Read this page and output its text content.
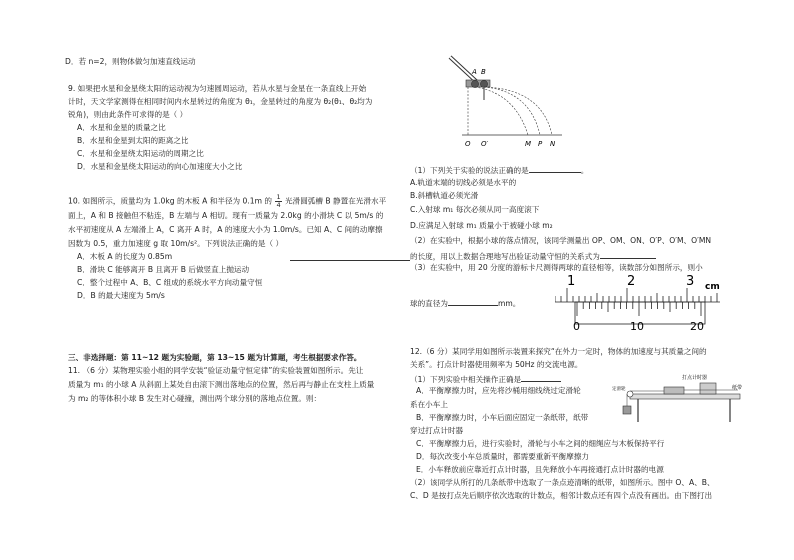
D．若 n=2，则物体做匀加速直线运动
9. 如果把水星和金星绕太阳的运动视为匀速圆周运动，若从水星与金星在一条直线上开始
计时，天文学家测得在相同时间内水星转过的角度为 θ₁，金星转过的角度为 θ₂(θ₁、θ₂均为
锐角)，则由此条件可求得的是（ ）
A．水星和金星的质量之比
B．水星和金星到太阳的距离之比
C．水星和金星绕太阳运动的周期之比
D．水星和金星绕太阳运动的向心加速度大小之比
10. 如图所示，质量均为 1.0kg 的木板 A 和半径为 0.1m 的 $\frac{1}{4}$ 光滑圆弧槽 B 静置在光滑水平
面上，A 和 B 接触但不粘连，B 左端与 A 相切。现有一质量为 2.0kg 的小滑块 C 以 5m/s 的
水平初速度从 A 左端滑上 A，C 离开 A 时，A 的速度大小为 1.0m/s。已知 A、C 间的动摩擦
因数为 0.5，重力加速度 g 取 10m/s²。下列说法正确的是（ ）
A．木板 A 的长度为 0.85m
B．滑块 C 能够离开 B 且离开 B 后做竖直上抛运动
C．整个过程中 A、B、C 组成的系统水平方向动量守恒
D．B 的最大速度为 5m/s
三、非选择题：第 11~12 题为实验题，第 13~15 题为计算题，考生根据要求作答。
11. （6 分）某物理实验小组的同学安装“验证动量守恒定律”的实验装置如图所示。先让
质量为 m₁ 的小球 A 从斜面上某处自由滚下测出落地点的位置，然后再与静止在支柱上质量
为 m₂ 的等体积小球 B 发生对心碰撞，测出两个球分别的落地点位置。则：
A B
O O′	M P N
（1）下列关于实验的说法正确的是	。
A.轨道末端的切线必须是水平的
B.斜槽轨道必须光滑
C.入射球 m₁ 每次必须从同一高度滚下
D.应满足入射球 m₁ 质量小于被碰小球 m₂
（2）在实验中，根据小球的落点情况，该同学测量出 OP、OM、ON、O′P、O′M、O′MN
的长度，用以上数据合理地写出验证动量守恒的关系式为
（3）在实验中，用 20 分度的游标卡尺测得两球的直径相等，读数部分如图所示，则小
球的直径为	mm。
1	2	3 cm
0	10	20
12.（6 分）某同学用如图所示装置来探究“在外力一定时，物体的加速度与其质量之间的
关系”。打点计时器使用频率为 50Hz 的交流电源。
（1）下列实验中相关操作正确是
A．平衡摩擦力时，应先将沙桶用细线绕过定滑轮
系在小车上
B．平衡摩擦力时，小车后面应固定一条纸带，纸带
穿过打点计时器
C．平衡摩擦力后，进行实验时，滑轮与小车之间的细绳应与木板保持平行
D．每次改变小车总质量时，都需要重新平衡摩擦力
E．小车释放前应靠近打点计时器，且先释放小车再接通打点计时器的电源
（2）该同学从所打的几条纸带中选取了一条点迹清晰的纸带，如图所示。图中 O、A、B、
C、D 是按打点先后顺序依次选取的计数点，相邻计数点还有四个点没有画出。由下图打出
打点计时器
纸带
定滑轮
